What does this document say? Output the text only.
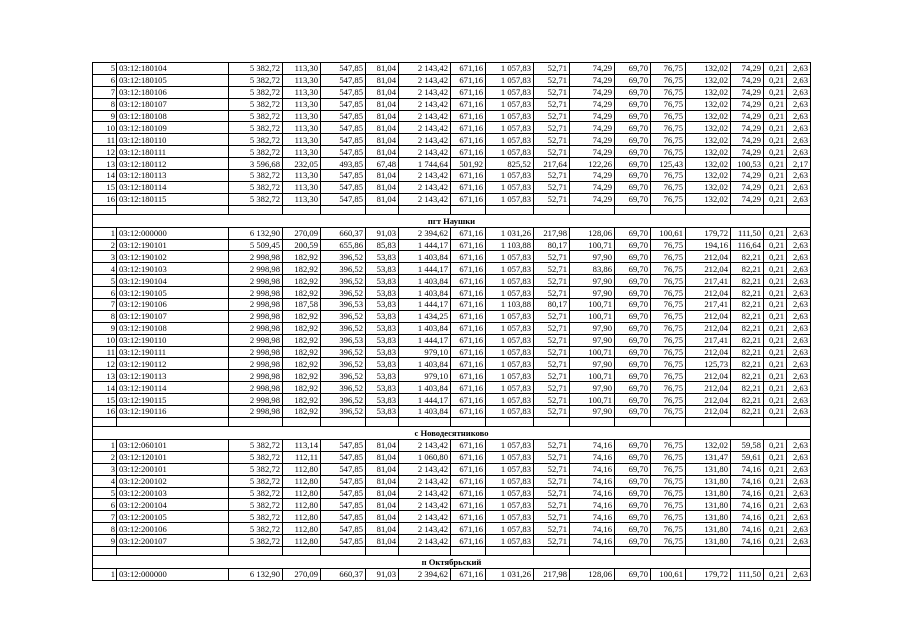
5	03:12:180104	5 382,72	113,30	547,85	81,04	2 143,42	671,16	1 057,83	52,71	74,29	69,70	76,75	132,02	74,29	0,21	2,63
6	03:12:180105	5 382,72	113,30	547,85	81,04	2 143,42	671,16	1 057,83	52,71	74,29	69,70	76,75	132,02	74,29	0,21	2,63
7	03:12:180106	5 382,72	113,30	547,85	81,04	2 143,42	671,16	1 057,83	52,71	74,29	69,70	76,75	132,02	74,29	0,21	2,63
8	03:12:180107	5 382,72	113,30	547,85	81,04	2 143,42	671,16	1 057,83	52,71	74,29	69,70	76,75	132,02	74,29	0,21	2,63
9	03:12:180108	5 382,72	113,30	547,85	81,04	2 143,42	671,16	1 057,83	52,71	74,29	69,70	76,75	132,02	74,29	0,21	2,63
10	03:12:180109	5 382,72	113,30	547,85	81,04	2 143,42	671,16	1 057,83	52,71	74,29	69,70	76,75	132,02	74,29	0,21	2,63
11	03:12:180110	5 382,72	113,30	547,85	81,04	2 143,42	671,16	1 057,83	52,71	74,29	69,70	76,75	132,02	74,29	0,21	2,63
12	03:12:180111	5 382,72	113,30	547,85	81,04	2 143,42	671,16	1 057,83	52,71	74,29	69,70	76,75	132,02	74,29	0,21	2,63
13	03:12:180112	3 596,68	232,05	493,85	67,48	1 744,64	501,92	825,52	217,64	122,26	69,70	125,43	132,02	100,53	0,21	2,17
14	03:12:180113	5 382,72	113,30	547,85	81,04	2 143,42	671,16	1 057,83	52,71	74,29	69,70	76,75	132,02	74,29	0,21	2,63
15	03:12:180114	5 382,72	113,30	547,85	81,04	2 143,42	671,16	1 057,83	52,71	74,29	69,70	76,75	132,02	74,29	0,21	2,63
16	03:12:180115	5 382,72	113,30	547,85	81,04	2 143,42	671,16	1 057,83	52,71	74,29	69,70	76,75	132,02	74,29	0,21	2,63

пгт Наушки																
1	03:12:000000	6 132,90	270,09	660,37	91,03	2 394,62	671,16	1 031,26	217,98	128,06	69,70	100,61	179,72	111,50	0,21	2,63
2	03:12:190101	5 509,45	200,59	655,86	85,83	1 444,17	671,16	1 103,88	80,17	100,71	69,70	76,75	194,16	116,64	0,21	2,63
3	03:12:190102	2 998,98	182,92	396,52	53,83	1 403,84	671,16	1 057,83	52,71	97,90	69,70	76,75	212,04	82,21	0,21	2,63
4	03:12:190103	2 998,98	182,92	396,52	53,83	1 444,17	671,16	1 057,83	52,71	83,86	69,70	76,75	212,04	82,21	0,21	2,63
5	03:12:190104	2 998,98	182,92	396,52	53,83	1 403,84	671,16	1 057,83	52,71	97,90	69,70	76,75	217,41	82,21	0,21	2,63
6	03:12:190105	2 998,98	182,92	396,52	53,83	1 403,84	671,16	1 057,83	52,71	97,90	69,70	76,75	212,04	82,21	0,21	2,63
7	03:12:190106	2 998,98	187,58	396,53	53,83	1 444,17	671,16	1 103,88	80,17	100,71	69,70	76,75	217,41	82,21	0,21	2,63
8	03:12:190107	2 998,98	182,92	396,52	53,83	1 434,25	671,16	1 057,83	52,71	100,71	69,70	76,75	212,04	82,21	0,21	2,63
9	03:12:190108	2 998,98	182,92	396,52	53,83	1 403,84	671,16	1 057,83	52,71	97,90	69,70	76,75	212,04	82,21	0,21	2,63
10	03:12:190110	2 998,98	182,92	396,53	53,83	1 444,17	671,16	1 057,83	52,71	97,90	69,70	76,75	217,41	82,21	0,21	2,63
11	03:12:190111	2 998,98	182,92	396,52	53,83	979,10	671,16	1 057,83	52,71	100,71	69,70	76,75	212,04	82,21	0,21	2,63
12	03:12:190112	2 998,98	182,92	396,52	53,83	1 403,84	671,16	1 057,83	52,71	97,90	69,70	76,75	125,73	82,21	0,21	2,63
13	03:12:190113	2 998,98	182,92	396,52	53,83	979,10	671,16	1 057,83	52,71	100,71	69,70	76,75	212,04	82,21	0,21	2,63
14	03:12:190114	2 998,98	182,92	396,52	53,83	1 403,84	671,16	1 057,83	52,71	97,90	69,70	76,75	212,04	82,21	0,21	2,63
15	03:12:190115	2 998,98	182,92	396,52	53,83	1 444,17	671,16	1 057,83	52,71	100,71	69,70	76,75	212,04	82,21	0,21	2,63
16	03:12:190116	2 998,98	182,92	396,52	53,83	1 403,84	671,16	1 057,83	52,71	97,90	69,70	76,75	212,04	82,21	0,21	2,63

с Новодесятниково																
1	03:12:060101	5 382,72	113,14	547,85	81,04	2 143,42	671,16	1 057,83	52,71	74,16	69,70	76,75	132,02	59,58	0,21	2,63
2	03:12:120101	5 382,72	112,11	547,85	81,04	1 060,80	671,16	1 057,83	52,71	74,16	69,70	76,75	131,47	59,61	0,21	2,63
3	03:12:200101	5 382,72	112,80	547,85	81,04	2 143,42	671,16	1 057,83	52,71	74,16	69,70	76,75	131,80	74,16	0,21	2,63
4	03:12:200102	5 382,72	112,80	547,85	81,04	2 143,42	671,16	1 057,83	52,71	74,16	69,70	76,75	131,80	74,16	0,21	2,63
5	03:12:200103	5 382,72	112,80	547,85	81,04	2 143,42	671,16	1 057,83	52,71	74,16	69,70	76,75	131,80	74,16	0,21	2,63
6	03:12:200104	5 382,72	112,80	547,85	81,04	2 143,42	671,16	1 057,83	52,71	74,16	69,70	76,75	131,80	74,16	0,21	2,63
7	03:12:200105	5 382,72	112,80	547,85	81,04	2 143,42	671,16	1 057,83	52,71	74,16	69,70	76,75	131,80	74,16	0,21	2,63
8	03:12:200106	5 382,72	112,80	547,85	81,04	2 143,42	671,16	1 057,83	52,71	74,16	69,70	76,75	131,80	74,16	0,21	2,63
9	03:12:200107	5 382,72	112,80	547,85	81,04	2 143,42	671,16	1 057,83	52,71	74,16	69,70	76,75	131,80	74,16	0,21	2,63

п Октябрьский																
1	03:12:000000	6 132,90	270,09	660,37	91,03	2 394,62	671,16	1 031,26	217,98	128,06	69,70	100,61	179,72	111,50	0,21	2,63
